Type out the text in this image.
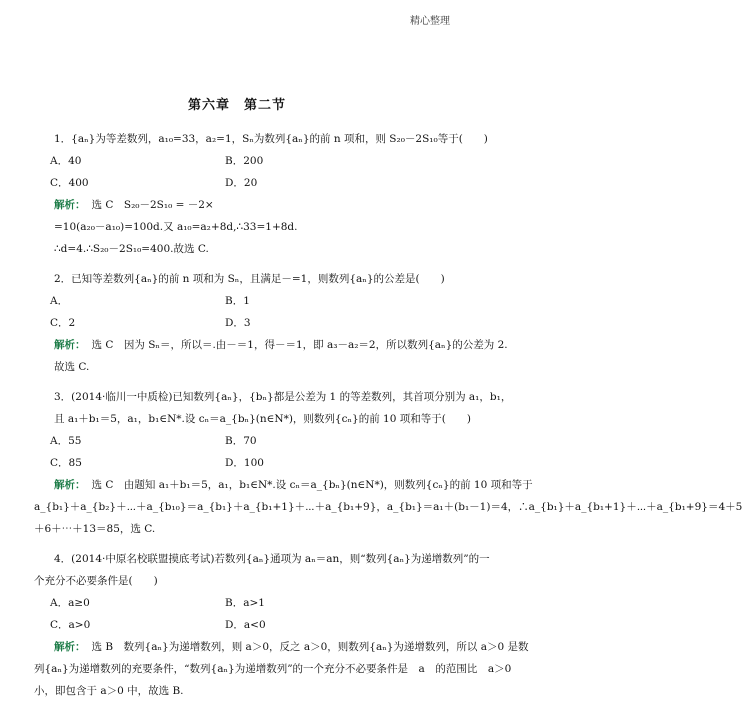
精心整理
第六章　第二节
1．{aₙ}为等差数列，a₁₀=33，a₂=1，Sₙ为数列{aₙ}的前 n 项和，则 S₂₀－2S₁₀等于(　　)
A．40	B．200
C．400	D．20
解析： 选 C　S₂₀－2S₁₀ = －2×
=10(a₂₀－a₁₀)=100d.又 a₁₀=a₂+8d,∴33=1+8d.
∴d=4.∴S₂₀－2S₁₀=400.故选 C.
2．已知等差数列{aₙ}的前 n 项和为 Sₙ，且满足－=1，则数列{aₙ}的公差是(　　)
A．	B．1
C．2	D．3
解析： 选 C　因为 Sₙ＝，所以＝.由－＝1，得－＝1，即 a₃－a₂＝2，所以数列{aₙ}的公差为 2.
故选 C.
3．(2014·临川一中质检)已知数列{aₙ}，{bₙ}都是公差为 1 的等差数列，其首项分别为 a₁，b₁，
且 a₁＋b₁＝5，a₁，b₁∈N*.设 cₙ＝a_{bₙ}(n∈N*)，则数列{cₙ}的前 10 项和等于(　　)
A．55	B．70
C．85	D．100
解析： 选 C　由题知 a₁＋b₁＝5，a₁，b₁∈N*.设 cₙ＝a_{bₙ}(n∈N*)，则数列{cₙ}的前 10 项和等于
a_{b₁}＋a_{b₂}＋⋯＋a_{b₁₀}＝a_{b₁}＋a_{b₁+1}＋⋯＋a_{b₁+9}，a_{b₁}＝a₁＋(b₁－1)＝4，∴a_{b₁}＋a_{b₁+1}＋⋯＋a_{b₁+9}＝4＋5
＋6＋⋯＋13＝85，选 C.
4．(2014·中原名校联盟摸底考试)若数列{aₙ}通项为 aₙ＝an，则“数列{aₙ}为递增数列”的一
个充分不必要条件是(　　)
A．a≥0	B．a>1
C．a>0	D．a<0
解析： 选 B　数列{aₙ}为递增数列，则 a＞0，反之 a＞0，则数列{aₙ}为递增数列，所以 a＞0 是数
列{aₙ}为递增数列的充要条件，“数列{aₙ}为递增数列”的一个充分不必要条件是　a　的范围比　a＞0
小，即包含于 a＞0 中，故选 B.
